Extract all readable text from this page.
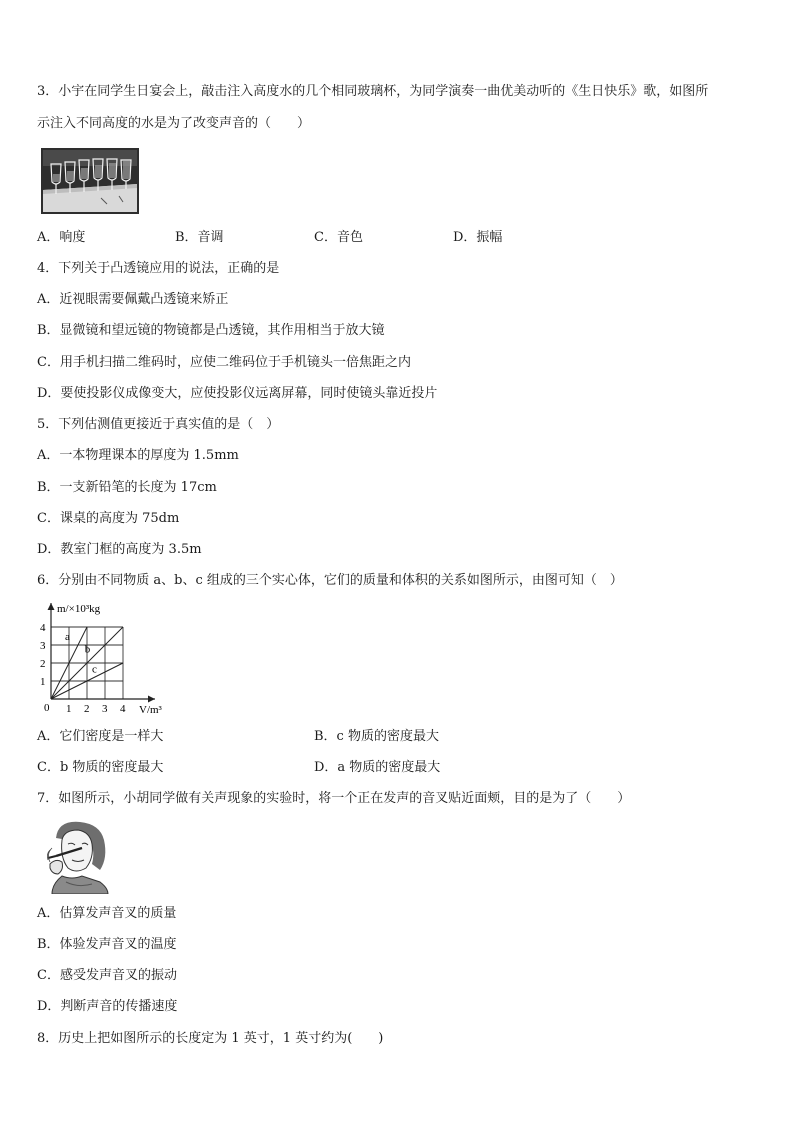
3．小宇在同学生日宴会上，敲击注入高度水的几个相同玻璃杯，为同学演奏一曲优美动听的《生日快乐》歌，如图所
示注入不同高度的水是为了改变声音的（　　）
A．响度	B．音调	C．音色	D．振幅
4．下列关于凸透镜应用的说法，正确的是
A．近视眼需要佩戴凸透镜来矫正
B．显微镜和望远镜的物镜都是凸透镜，其作用相当于放大镜
C．用手机扫描二维码时，应使二维码位于手机镜头一倍焦距之内
D．要使投影仪成像变大，应使投影仪远离屏幕，同时使镜头靠近投片
5．下列估测值更接近于真实值的是（　）
A．一本物理课本的厚度为 1.5mm
B．一支新铅笔的长度为 17cm
C．课桌的高度为 75dm
D．教室门框的高度为 3.5m
6．分别由不同物质 a、b、c 组成的三个实心体，它们的质量和体积的关系如图所示，由图可知（　）
1 2 3 4
1
2
3
4
a
b
c
m/×10³kg
V/m³
0
A．它们密度是一样大	B．c 物质的密度最大
C．b 物质的密度最大	D．a 物质的密度最大
7．如图所示，小胡同学做有关声现象的实验时，将一个正在发声的音叉贴近面颊，目的是为了（　　）
A．估算发声音叉的质量
B．体验发声音叉的温度
C．感受发声音叉的振动
D．判断声音的传播速度
8．历史上把如图所示的长度定为 1 英寸，1 英寸约为(　　)
